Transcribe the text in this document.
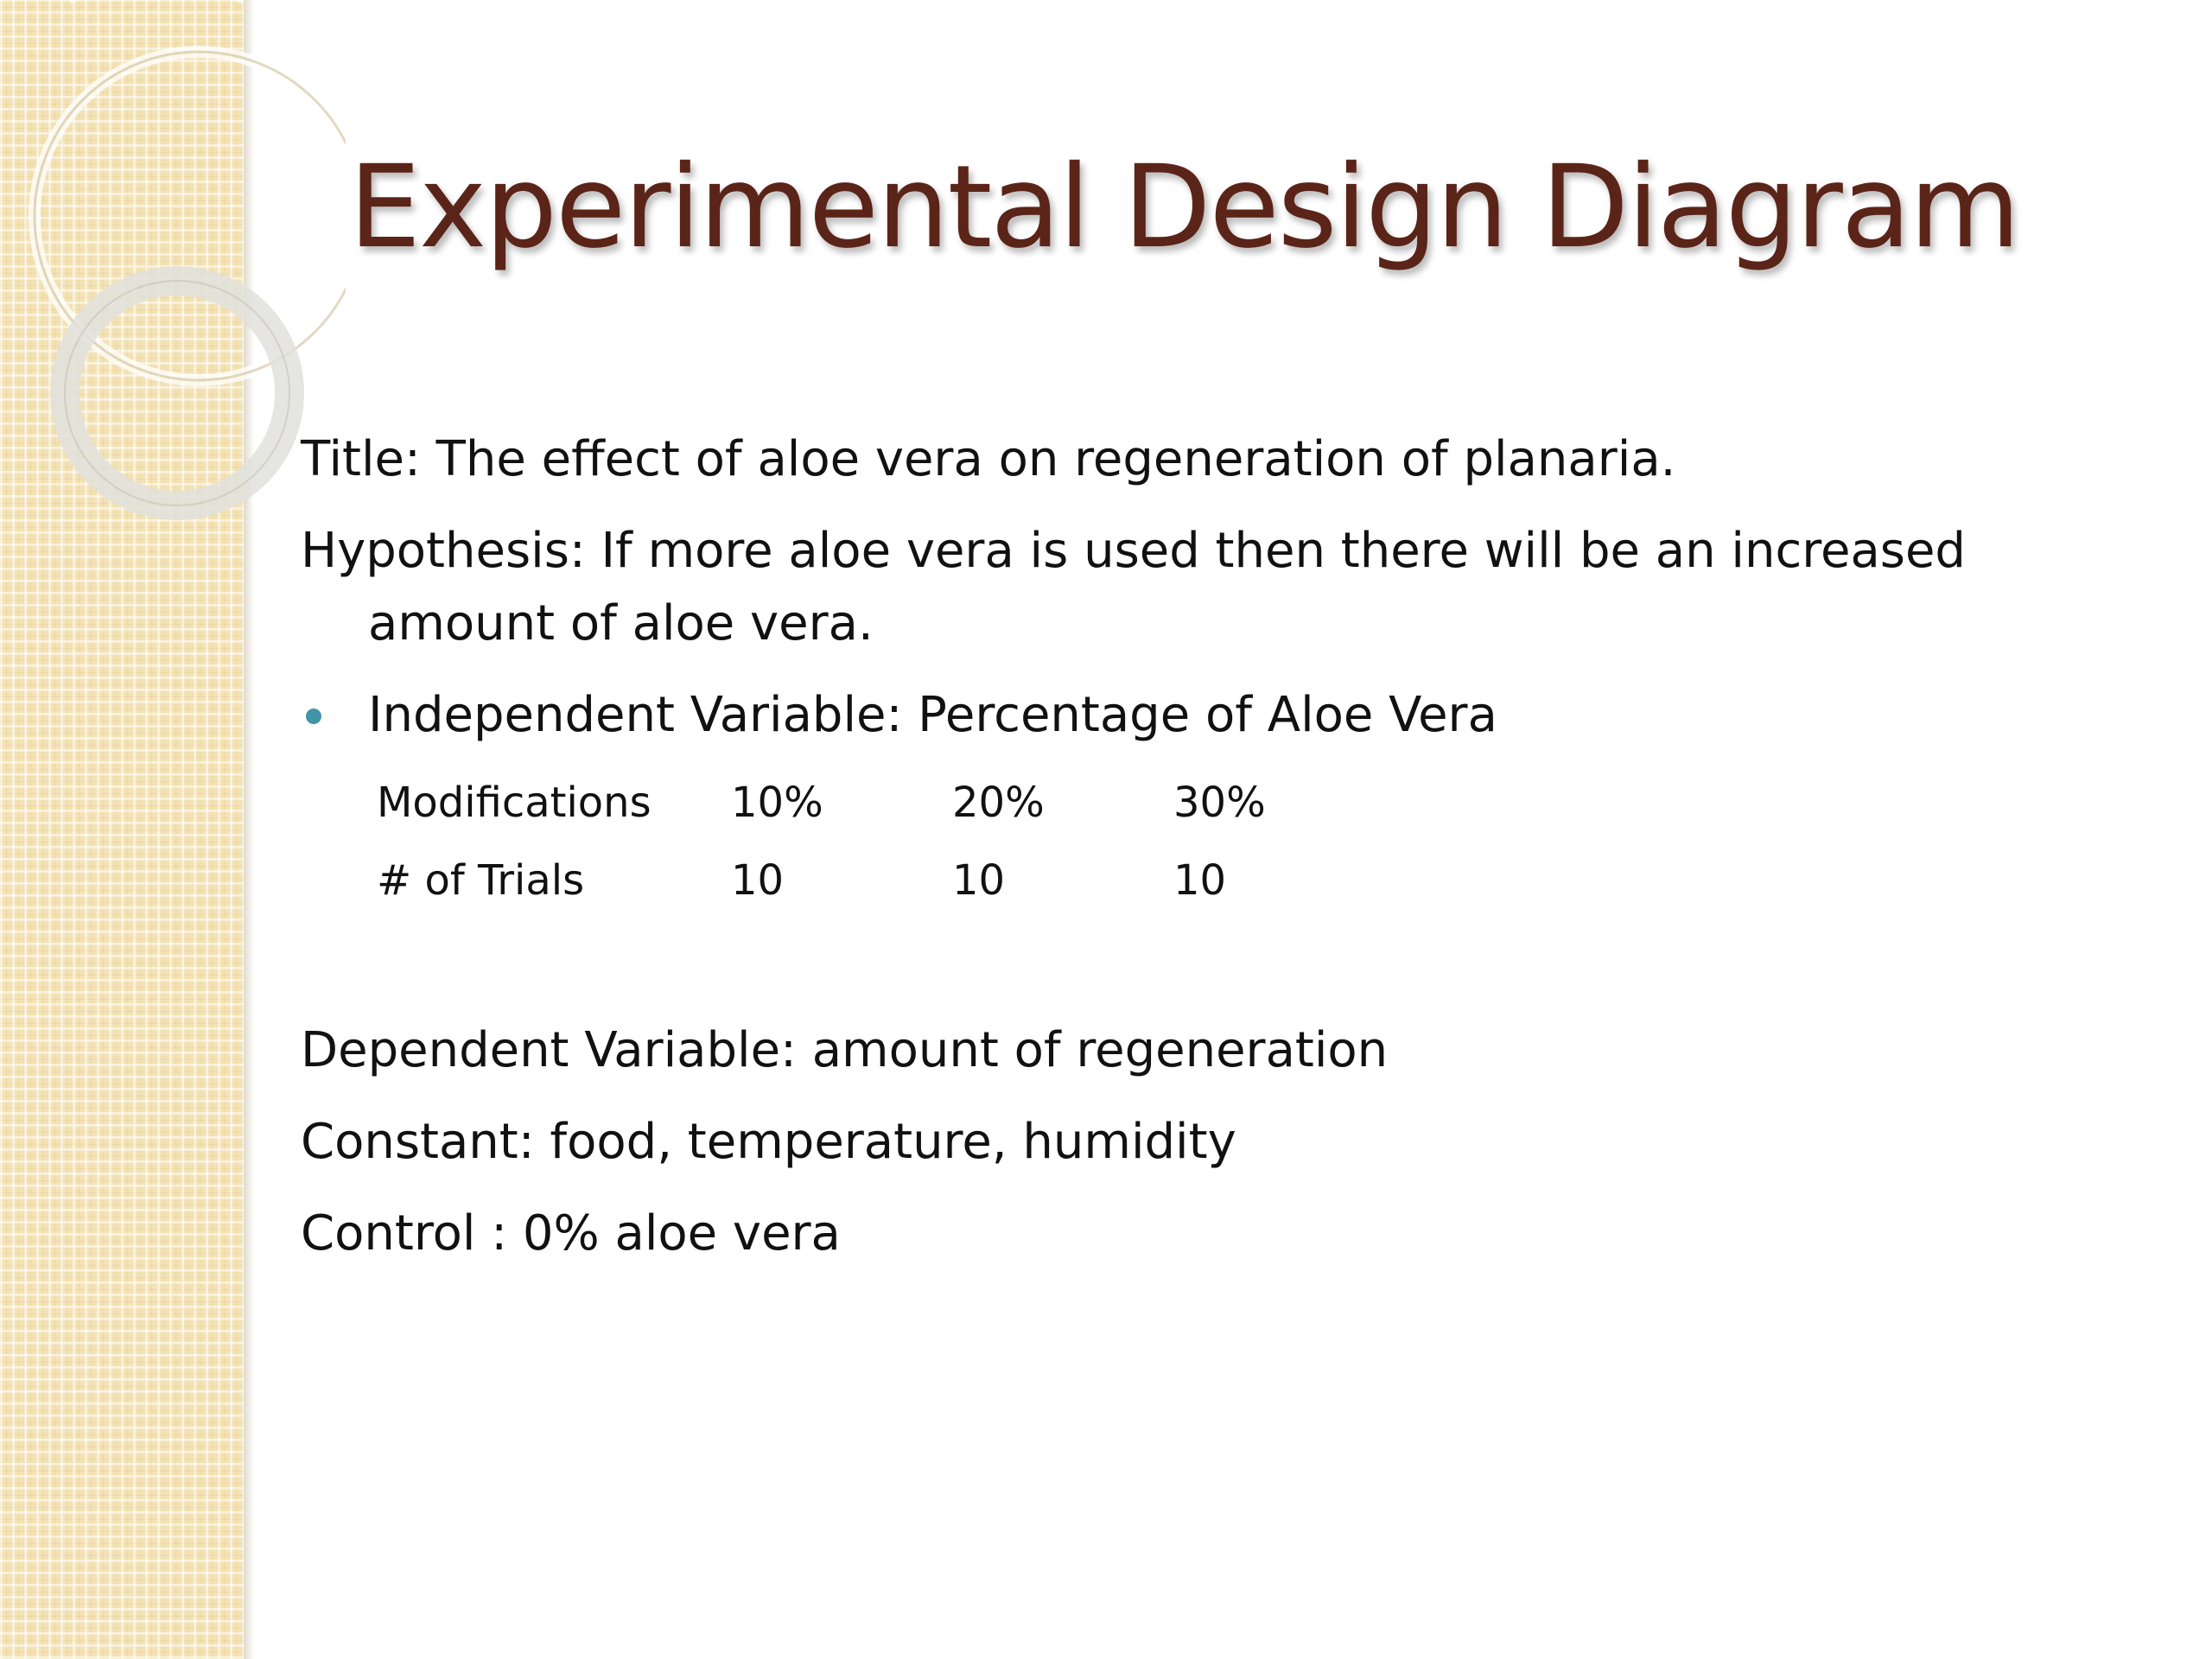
Experimental Design Diagram

Title: The effect of aloe vera on regeneration of planaria.

Hypothesis: If more aloe vera is used then there will be an increased amount of aloe vera.

Independent Variable: Percentage of Aloe Vera
Modifications	10%	20%	30%
# of Trials	10	10	10

Dependent Variable: amount of regeneration

Constant: food, temperature, humidity

Control : 0% aloe vera
